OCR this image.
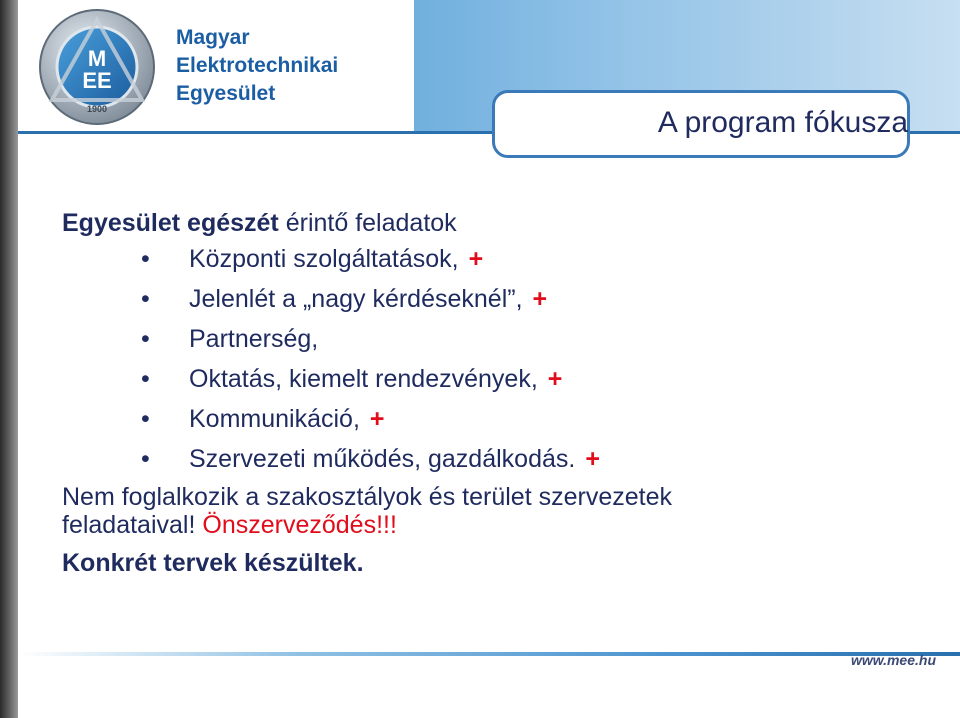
M
EE
1900
Magyar
Elektrotechnikai
Egyesület
A program fókusza
Egyesület egészét érintő feladatok
• Központi szolgáltatások, +
• Jelenlét a „nagy kérdéseknél”, +
• Partnerség,
• Oktatás, kiemelt rendezvények, +
• Kommunikáció, +
• Szervezeti működés, gazdálkodás. +
Nem foglalkozik a szakosztályok és terület szervezetek
feladataival! Önszerveződés!!!
Konkrét tervek készültek.
www.mee.hu
